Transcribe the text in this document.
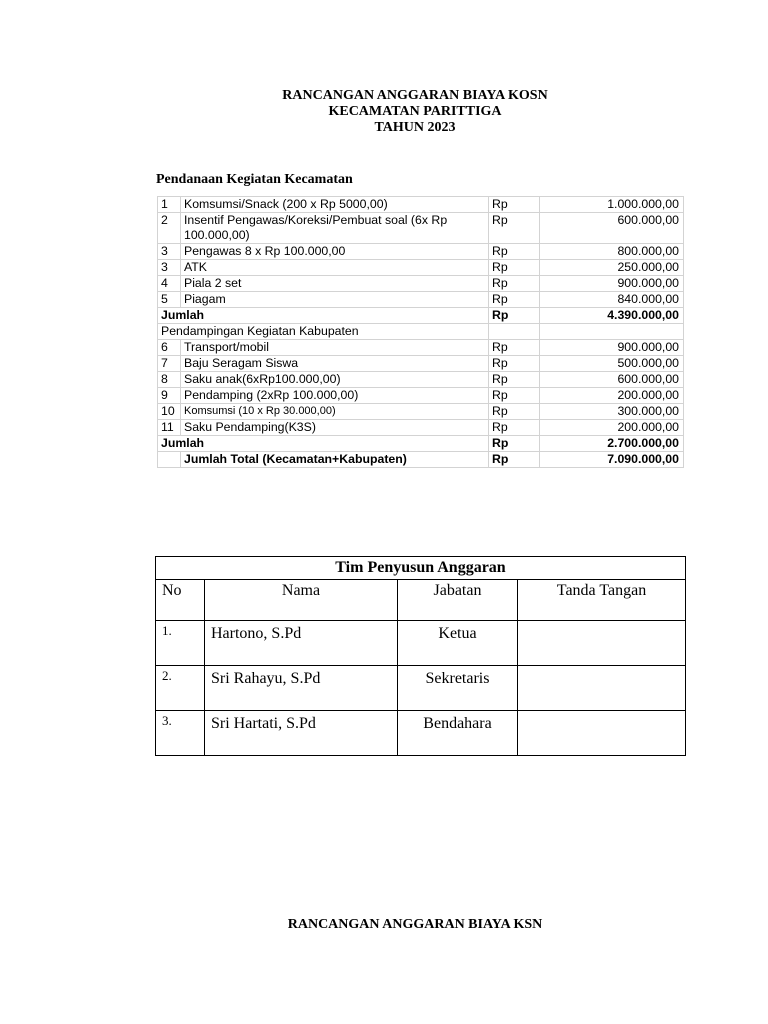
RANCANGAN ANGGARAN BIAYA KOSN
KECAMATAN PARITTIGA
TAHUN 2023
Pendanaan Kegiatan Kecamatan
1	Komsumsi/Snack (200 x Rp 5000,00)	Rp	1.000.000,00
2	Insentif Pengawas/Koreksi/Pembuat soal (6x Rp 100.000,00)	Rp	600.000,00
3	Pengawas 8 x Rp 100.000,00	Rp	800.000,00
3	ATK	Rp	250.000,00
4	Piala 2 set	Rp	900.000,00
5	Piagam	Rp	840.000,00
Jumlah		Rp	4.390.000,00
Pendampingan Kegiatan Kabupaten			
6	Transport/mobil	Rp	900.000,00
7	Baju Seragam Siswa	Rp	500.000,00
8	Saku anak(6xRp100.000,00)	Rp	600.000,00
9	Pendamping (2xRp 100.000,00)	Rp	200.000,00
10	Komsumsi (10 x Rp 30.000,00)	Rp	300.000,00
11	Saku Pendamping(K3S)	Rp	200.000,00
Jumlah		Rp	2.700.000,00
	Jumlah Total (Kecamatan+Kabupaten)	Rp	7.090.000,00
Tim Penyusun Anggaran			
No	Nama	Jabatan	Tanda Tangan
1.	Hartono, S.Pd	Ketua	
2.	Sri Rahayu, S.Pd	Sekretaris	
3.	Sri Hartati, S.Pd	Bendahara	
RANCANGAN ANGGARAN BIAYA KSN
